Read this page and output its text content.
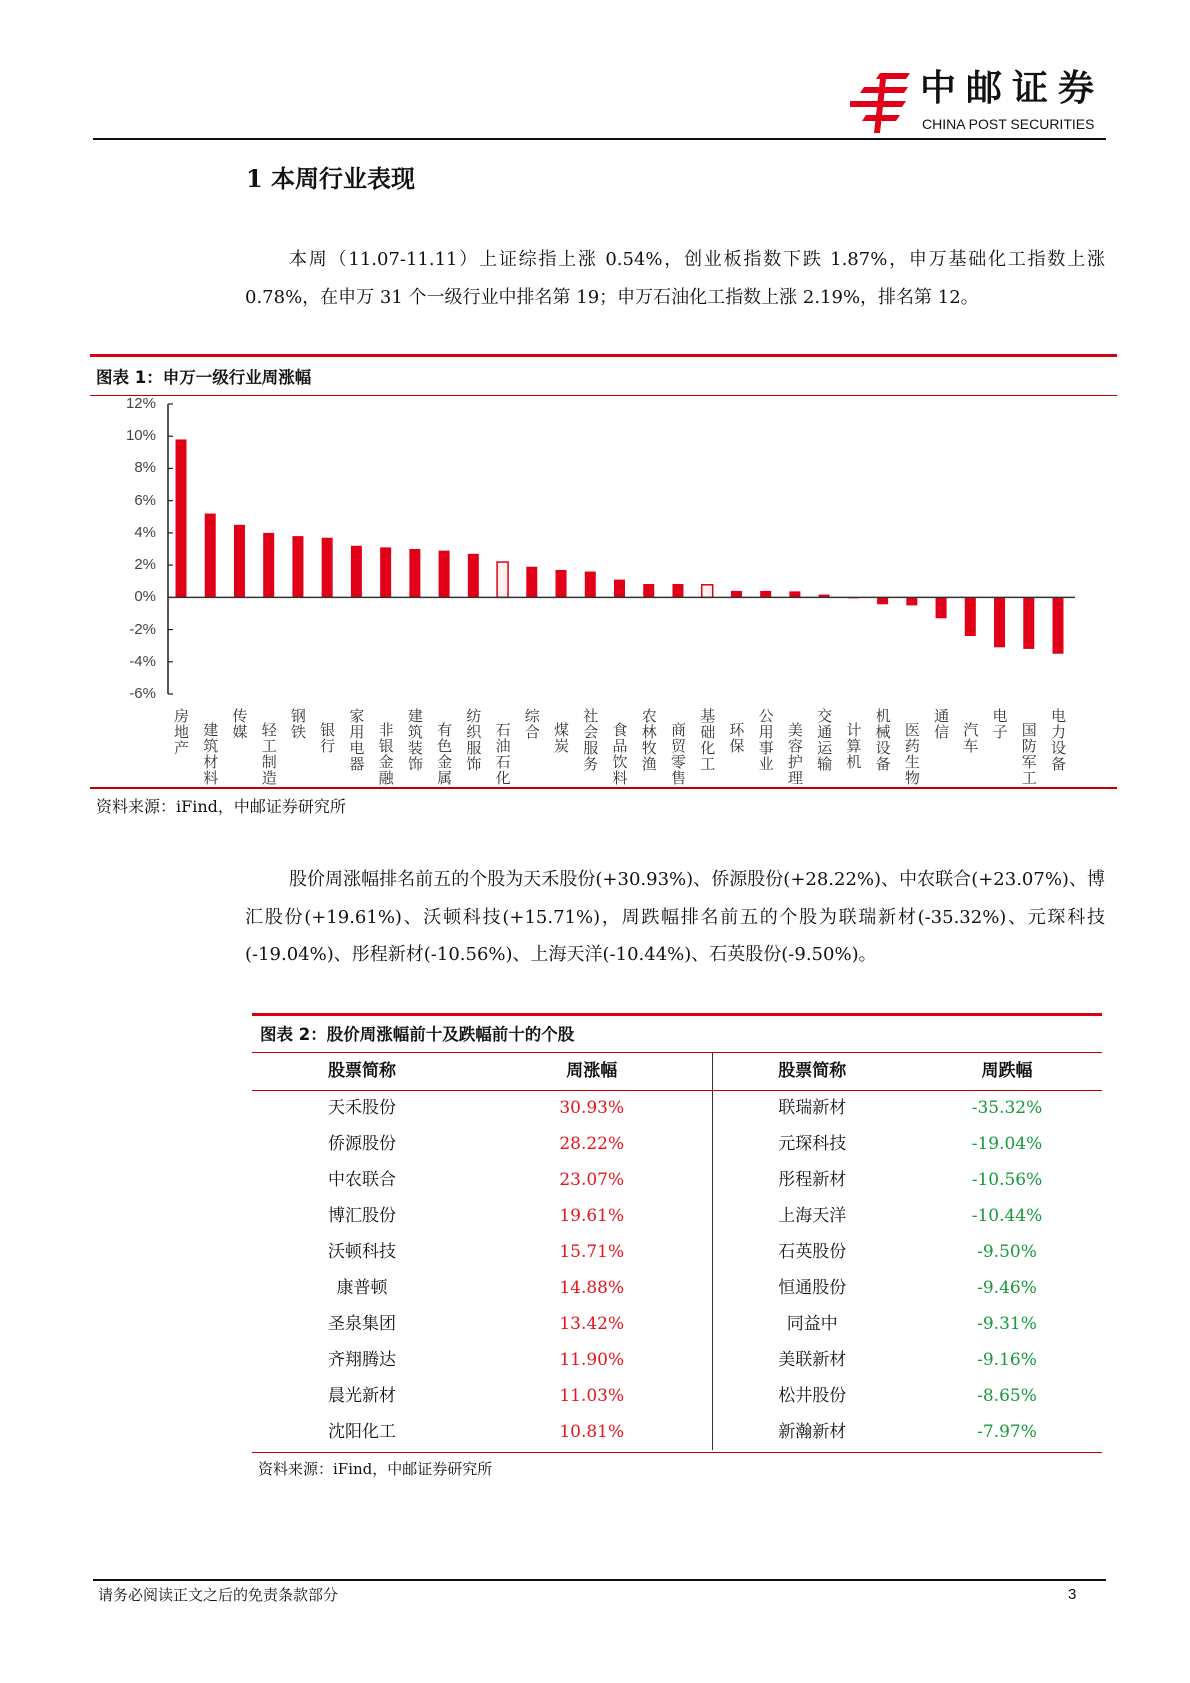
中邮证券
CHINA POST SECURITIES
1 本周行业表现
本周（11.07-11.11）上证综指上涨 0.54%，创业板指数下跌 1.87%，申万基础化工指数上涨 0.78%，在申万 31 个一级行业中排名第 19；申万石油化工指数上涨 2.19%，排名第 12。
图表 1：申万一级行业周涨幅
12%
10%
8%
6%
4%
2%
0%
-2%
-4%
-6%
房地产 建筑材料 传媒 轻工制造 钢铁 银行 家用电器 非银金融 建筑装饰 有色金属 纺织服饰 石油石化 综合 煤炭 社会服务 食品饮料 农林牧渔 商贸零售 基础化工 环保 公用事业 美容护理 交通运输 计算机 机械设备 医药生物 通信 汽车 电子 国防军工 电力设备
资料来源：iFind，中邮证券研究所
股价周涨幅排名前五的个股为天禾股份(+30.93%)、侨源股份(+28.22%)、中农联合(+23.07%)、博汇股份(+19.61%)、沃顿科技(+15.71%)，周跌幅排名前五的个股为联瑞新材(-35.32%)、元琛科技(-19.04%)、彤程新材(-10.56%)、上海天洋(-10.44%)、石英股份(-9.50%)。
图表 2：股价周涨幅前十及跌幅前十的个股
股票简称	周涨幅	股票简称	周跌幅
天禾股份	30.93%	联瑞新材	-35.32%
侨源股份	28.22%	元琛科技	-19.04%
中农联合	23.07%	彤程新材	-10.56%
博汇股份	19.61%	上海天洋	-10.44%
沃顿科技	15.71%	石英股份	-9.50%
康普顿	14.88%	恒通股份	-9.46%
圣泉集团	13.42%	同益中	-9.31%
齐翔腾达	11.90%	美联新材	-9.16%
晨光新材	11.03%	松井股份	-8.65%
沈阳化工	10.81%	新瀚新材	-7.97%
资料来源：iFind，中邮证券研究所
请务必阅读正文之后的免责条款部分	3
